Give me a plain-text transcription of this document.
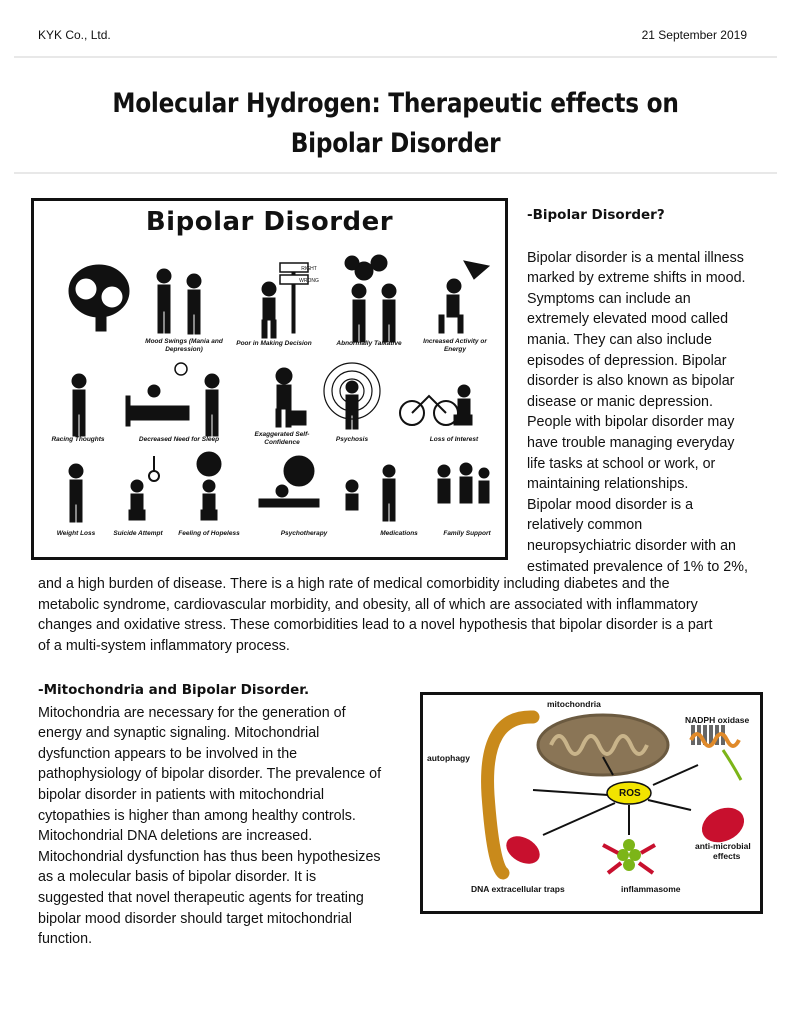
KYK Co., Ltd.	21 September 2019
Molecular Hydrogen: Therapeutic effects on
Bipolar Disorder
Bipolar Disorder
RIGHT
WRONG
Mood Swings (Mania and Depression)
Poor in Making Decision	Abnormally Talkative	Increased Activity or Energy
Racing Thoughts	Decreased Need for Sleep
Exaggerated Self-Confidence	Psychosis	Loss of Interest
Weight Loss	Suicide Attempt	Feeling of Hopeless	Psychotherapy	Medications	Family Support
-Bipolar Disorder?
Bipolar disorder is a mental illness
marked by extreme shifts in mood.
Symptoms can include an
extremely elevated mood called
mania. They can also include
episodes of depression. Bipolar
disorder is also known as bipolar
disease or manic depression.
People with bipolar disorder may
have trouble managing everyday
life tasks at school or work, or
maintaining relationships.
Bipolar mood disorder is a
relatively common
neuropsychiatric disorder with an
estimated prevalence of 1% to 2%,
and a high burden of disease. There is a high rate of medical comorbidity including diabetes and the
metabolic syndrome, cardiovascular morbidity, and obesity, all of which are associated with inflammatory
changes and oxidative stress. These comorbidities lead to a novel hypothesis that bipolar disorder is a part
of a multi-system inflammatory process.
-Mitochondria and Bipolar Disorder.
Mitochondria are necessary for the generation of
energy and synaptic signaling. Mitochondrial
dysfunction appears to be involved in the
pathophysiology of bipolar disorder. The prevalence of
bipolar disorder in patients with mitochondrial
cytopathies is higher than among healthy controls.
Mitochondrial DNA deletions are increased.
Mitochondrial dysfunction has thus been hypothesizes
as a molecular basis of bipolar disorder. It is
suggested that novel therapeutic agents for treating
bipolar mood disorder should target mitochondrial
function.
mitochondria
NADPH oxidase
autophagy
ROS
anti-microbial
effects
DNA extracellular traps	inflammasome
